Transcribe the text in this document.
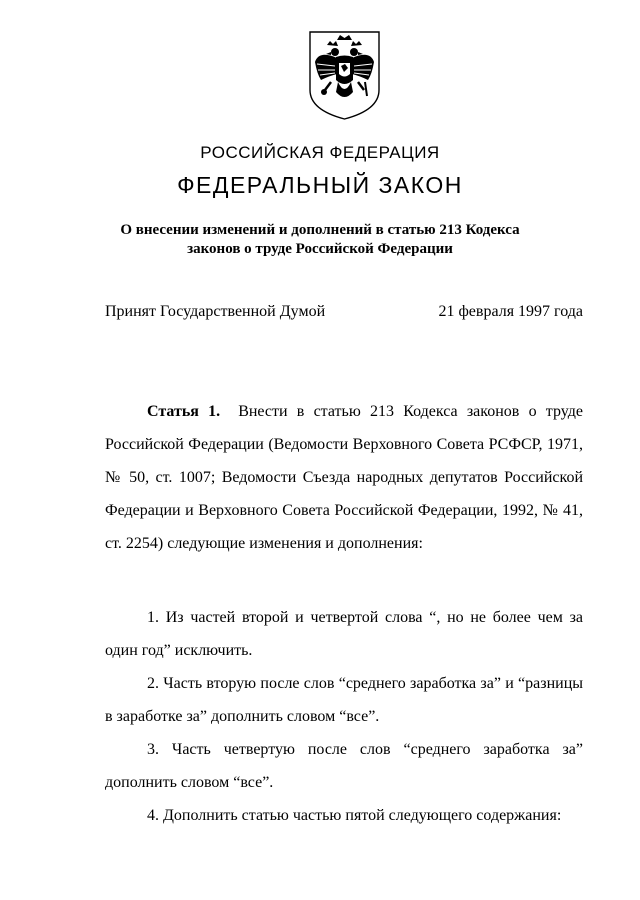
РОССИЙСКАЯ ФЕДЕРАЦИЯ
ФЕДЕРАЛЬНЫЙ ЗАКОН
О внесении изменений и дополнений в статью 213 Кодекса
законов о труде Российской Федерации
Принят Государственной Думой	21 февраля 1997 года

Статья 1. Внести в статью 213 Кодекса законов о труде Российской Федерации (Ведомости Верховного Совета РСФСР, 1971, № 50, ст. 1007; Ведомости Съезда народных депутатов Российской Федерации и Верховного Совета Российской Федерации, 1992, № 41, ст. 2254) следующие изменения и дополнения:

1. Из частей второй и четвертой слова “, но не более чем за один год” исключить.

2. Часть вторую после слов “среднего заработка за” и “разницы в заработке за” дополнить словом “все”.

3. Часть четвертую после слов “среднего заработка за” дополнить словом “все”.

4. Дополнить статью частью пятой следующего содержания:
